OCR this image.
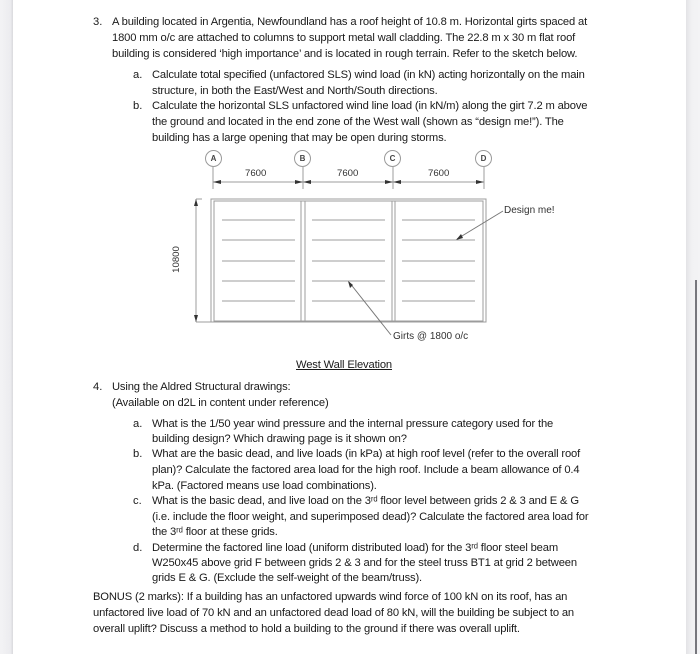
3. A building located in Argentia, Newfoundland has a roof height of 10.8 m. Horizontal girts spaced at
1800 mm o/c are attached to columns to support metal wall cladding. The 22.8 m x 30 m flat roof
building is considered ‘high importance’ and is located in rough terrain. Refer to the sketch below.
a. Calculate total specified (unfactored SLS) wind load (in kN) acting horizontally on the main
structure, in both the East/West and North/South directions.
b. Calculate the horizontal SLS unfactored wind line load (in kN/m) along the girt 7.2 m above
the ground and located in the end zone of the West wall (shown as “design me!”). The
building has a large opening that may be open during storms.
A	B	C	D
7600	7600	7600
10800
Design me!
Girts @ 1800 o/c
West Wall Elevation
4. Using the Aldred Structural drawings:
(Available on d2L in content under reference)
a. What is the 1/50 year wind pressure and the internal pressure category used for the
building design? Which drawing page is it shown on?
b. What are the basic dead, and live loads (in kPa) at high roof level (refer to the overall roof
plan)? Calculate the factored area load for the high roof. Include a beam allowance of 0.4
kPa. (Factored means use load combinations).
c. What is the basic dead, and live load on the 3ʳᵈ floor level between grids 2 & 3 and E & G
(i.e. include the floor weight, and superimposed dead)? Calculate the factored area load for
the 3ʳᵈ floor at these grids.
d. Determine the factored line load (uniform distributed load) for the 3ʳᵈ floor steel beam
W250x45 above grid F between grids 2 & 3 and for the steel truss BT1 at grid 2 between
grids E & G. (Exclude the self-weight of the beam/truss).
BONUS (2 marks): If a building has an unfactored upwards wind force of 100 kN on its roof, has an
unfactored live load of 70 kN and an unfactored dead load of 80 kN, will the building be subject to an
overall uplift? Discuss a method to hold a building to the ground if there was overall uplift.
